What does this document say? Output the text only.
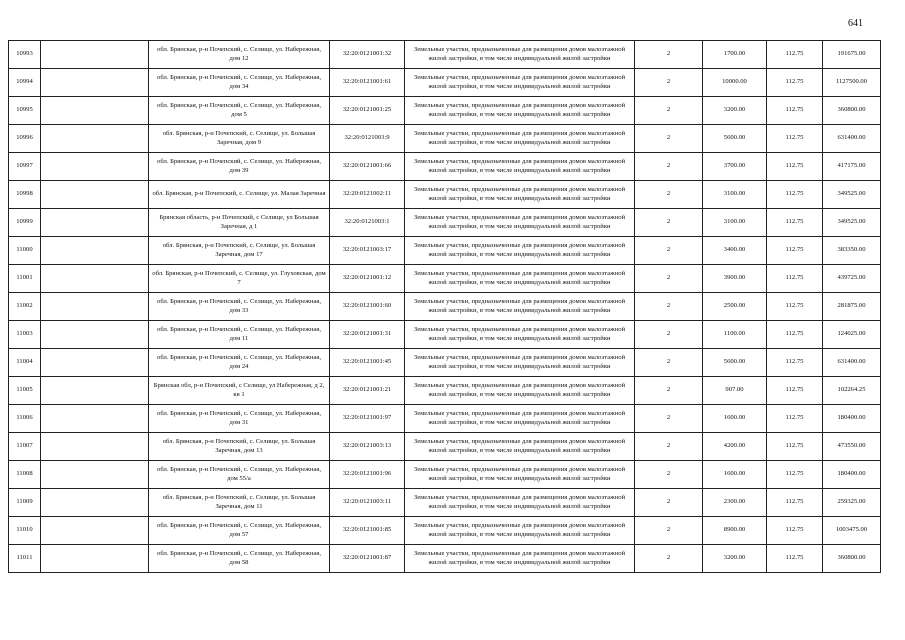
641
10993		обл. Брянская, р-н Почепский, с. Селище, ул. Набережная, дом 12	32:20:0121001:32	Земельные участки, предназначенные для размещения домов малоэтажной жилой застройки, в том числе индивидуальной жилой застройки	2	1700.00	112.75	191675.00
10994		обл. Брянская, р-н Почепский, с. Селище, ул. Набережная, дом 34	32:20:0121001:61	Земельные участки, предназначенные для размещения домов малоэтажной жилой застройки, в том числе индивидуальной жилой застройки	2	10000.00	112.75	1127500.00
10995		обл. Брянская, р-н Почепский, с. Селище, ул. Набережная, дом 5	32:20:0121001:25	Земельные участки, предназначенные для размещения домов малоэтажной жилой застройки, в том числе индивидуальной жилой застройки	2	3200.00	112.75	360800.00
10996		обл. Брянская, р-н Почепский, с. Селище, ул. Большая Заречная, дом 9	32:20:0121003:9	Земельные участки, предназначенные для размещения домов малоэтажной жилой застройки, в том числе индивидуальной жилой застройки	2	5600.00	112.75	631400.00
10997		обл. Брянская, р-н Почепский, с. Селище, ул. Набережная, дом 39	32:20:0121001:66	Земельные участки, предназначенные для размещения домов малоэтажной жилой застройки, в том числе индивидуальной жилой застройки	2	3700.00	112.75	417175.00
10998		обл. Брянская, р-н Почепский, с. Селище, ул. Малая Заречная	32:20:0121002:11	Земельные участки, предназначенные для размещения домов малоэтажной жилой застройки, в том числе индивидуальной жилой застройки	2	3100.00	112.75	349525.00
10999		Брянская область, р-н Почепский, с Селище, ул Большая Заречная, д 1	32:20:0121003:1	Земельные участки, предназначенные для размещения домов малоэтажной жилой застройки, в том числе индивидуальной жилой застройки	2	3100.00	112.75	349525.00
11000		обл. Брянская, р-н Почепский, с. Селище, ул. Большая Заречная, дом 17	32:20:0121003:17	Земельные участки, предназначенные для размещения домов малоэтажной жилой застройки, в том числе индивидуальной жилой застройки	2	3400.00	112.75	383350.00
11001		обл. Брянская, р-н Почепский, с. Селище, ул. Глуховская, дом 7	32:20:0121001:12	Земельные участки, предназначенные для размещения домов малоэтажной жилой застройки, в том числе индивидуальной жилой застройки	2	3900.00	112.75	439725.00
11002		обл. Брянская, р-н Почепский, с. Селище, ул. Набережная, дом 33	32:20:0121001:60	Земельные участки, предназначенные для размещения домов малоэтажной жилой застройки, в том числе индивидуальной жилой застройки	2	2500.00	112.75	281875.00
11003		обл. Брянская, р-н Почепский, с. Селище, ул. Набережная, дом 11	32:20:0121001:31	Земельные участки, предназначенные для размещения домов малоэтажной жилой застройки, в том числе индивидуальной жилой застройки	2	1100.00	112.75	124025.00
11004		обл. Брянская, р-н Почепский, с. Селище, ул. Набережная, дом 24	32:20:0121001:45	Земельные участки, предназначенные для размещения домов малоэтажной жилой застройки, в том числе индивидуальной жилой застройки	2	5600.00	112.75	631400.00
11005		Брянская обл, р-н Почепский, с Селище, ул Набережная, д 2, кв 1	32:20:0121001:21	Земельные участки, предназначенные для размещения домов малоэтажной жилой застройки, в том числе индивидуальной жилой застройки	2	907.00	112.75	102264.25
11006		обл. Брянская, р-н Почепский, с. Селище, ул. Набережная, дом 31	32:20:0121001:97	Земельные участки, предназначенные для размещения домов малоэтажной жилой застройки, в том числе индивидуальной жилой застройки	2	1600.00	112.75	180400.00
11007		обл. Брянская, р-н Почепский, с. Селище, ул. Большая Заречная, дом 13	32:20:0121003:13	Земельные участки, предназначенные для размещения домов малоэтажной жилой застройки, в том числе индивидуальной жилой застройки	2	4200.00	112.75	473550.00
11008		обл. Брянская, р-н Почепский, с. Селище, ул. Набережная, дом 55/а	32:20:0121001:96	Земельные участки, предназначенные для размещения домов малоэтажной жилой застройки, в том числе индивидуальной жилой застройки	2	1600.00	112.75	180400.00
11009		обл. Брянская, р-н Почепский, с. Селище, ул. Большая Заречная, дом 11	32:20:0121003:11	Земельные участки, предназначенные для размещения домов малоэтажной жилой застройки, в том числе индивидуальной жилой застройки	2	2300.00	112.75	259325.00
11010		обл. Брянская, р-н Почепский, с. Селище, ул. Набережная, дом 57	32:20:0121001:85	Земельные участки, предназначенные для размещения домов малоэтажной жилой застройки, в том числе индивидуальной жилой застройки	2	8900.00	112.75	1003475.00
11011		обл. Брянская, р-н Почепский, с. Селище, ул. Набережная, дом 58	32:20:0121001:87	Земельные участки, предназначенные для размещения домов малоэтажной жилой застройки, в том числе индивидуальной жилой застройки	2	3200.00	112.75	360800.00
